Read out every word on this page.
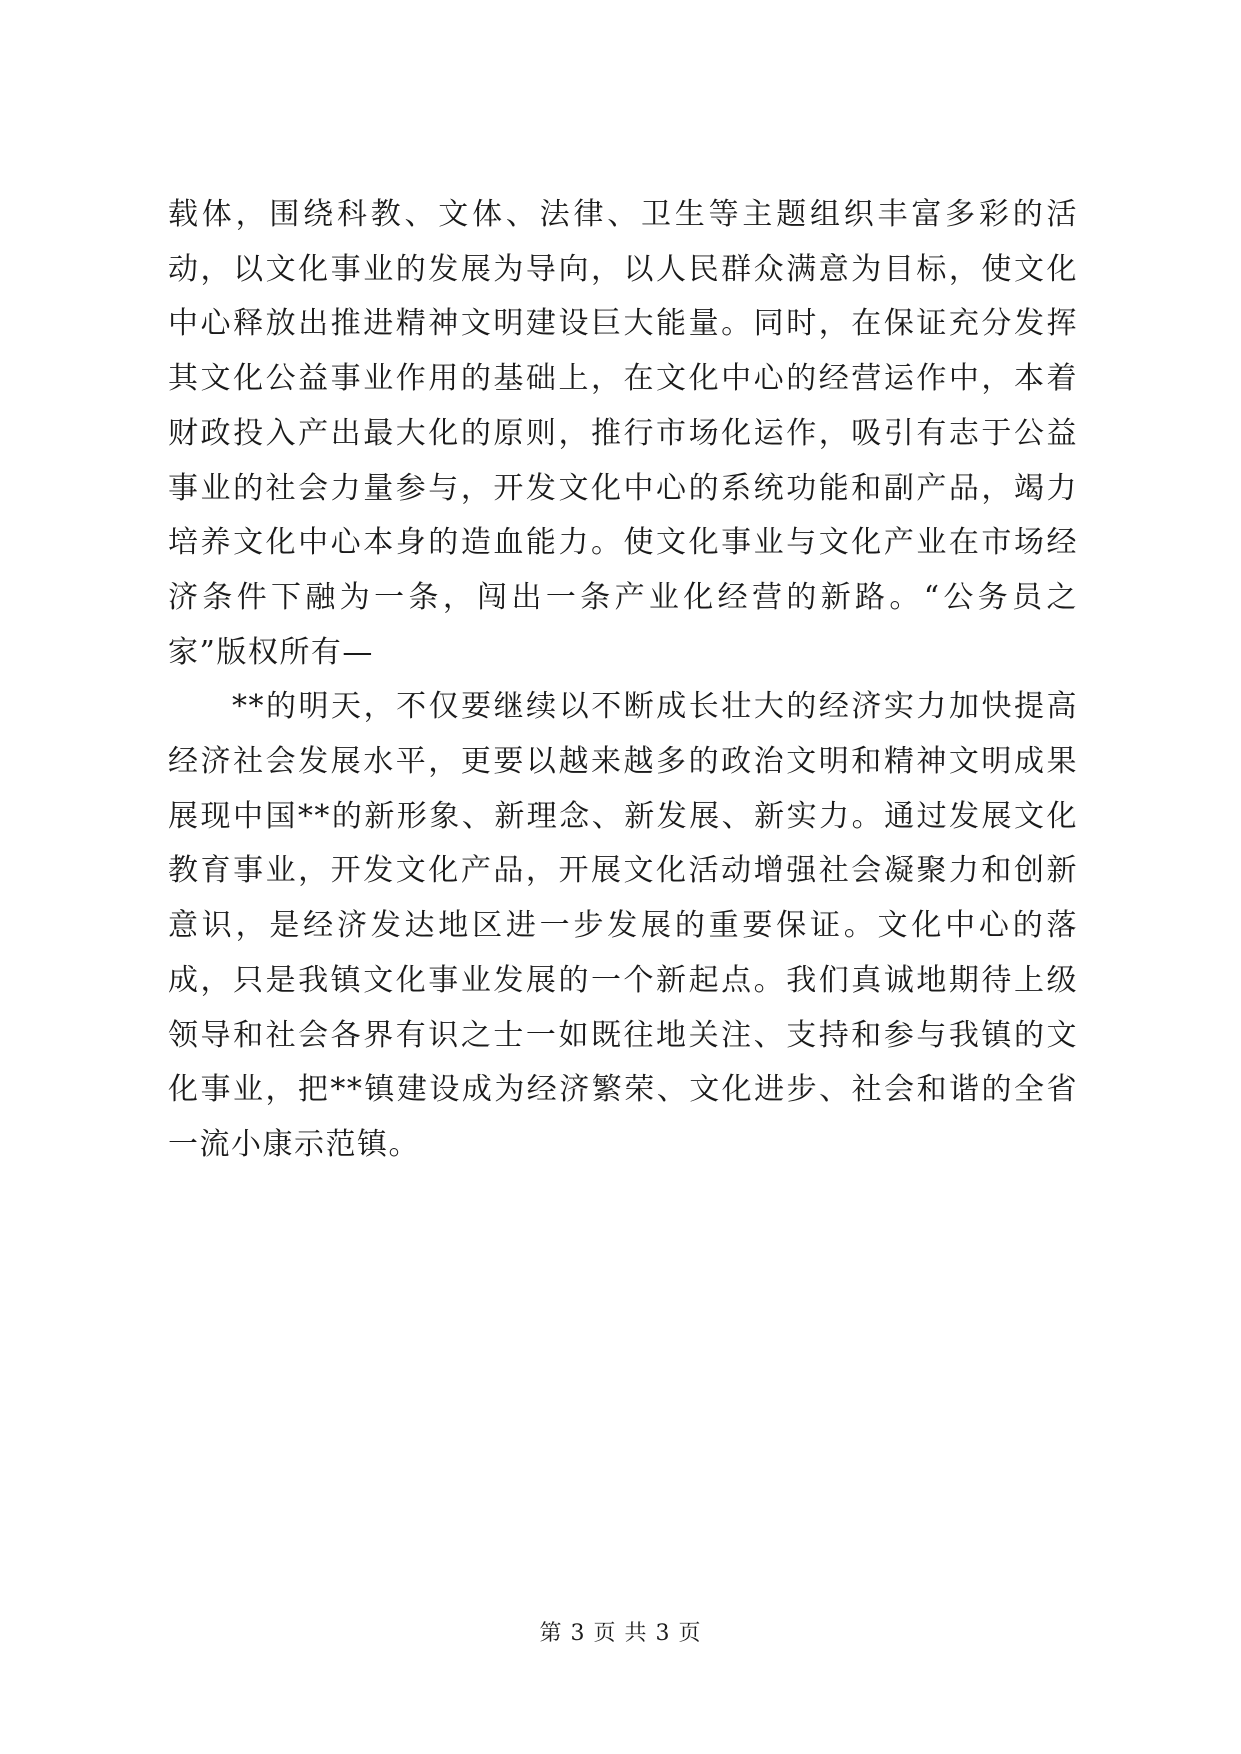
载体，围绕科教、文体、法律、卫生等主题组织丰富多彩的活动，以文化事业的发展为导向，以人民群众满意为目标，使文化中心释放出推进精神文明建设巨大能量。同时，在保证充分发挥其文化公益事业作用的基础上，在文化中心的经营运作中，本着财政投入产出最大化的原则，推行市场化运作，吸引有志于公益事业的社会力量参与，开发文化中心的系统功能和副产品，竭力培养文化中心本身的造血能力。使文化事业与文化产业在市场经济条件下融为一条，闯出一条产业化经营的新路。“公务员之家”版权所有—

**的明天，不仅要继续以不断成长壮大的经济实力加快提高经济社会发展水平，更要以越来越多的政治文明和精神文明成果展现中国**的新形象、新理念、新发展、新实力。通过发展文化教育事业，开发文化产品，开展文化活动增强社会凝聚力和创新意识，是经济发达地区进一步发展的重要保证。文化中心的落成，只是我镇文化事业发展的一个新起点。我们真诚地期待上级领导和社会各界有识之士一如既往地关注、支持和参与我镇的文化事业，把**镇建设成为经济繁荣、文化进步、社会和谐的全省一流小康示范镇。

第 3 页 共 3 页
